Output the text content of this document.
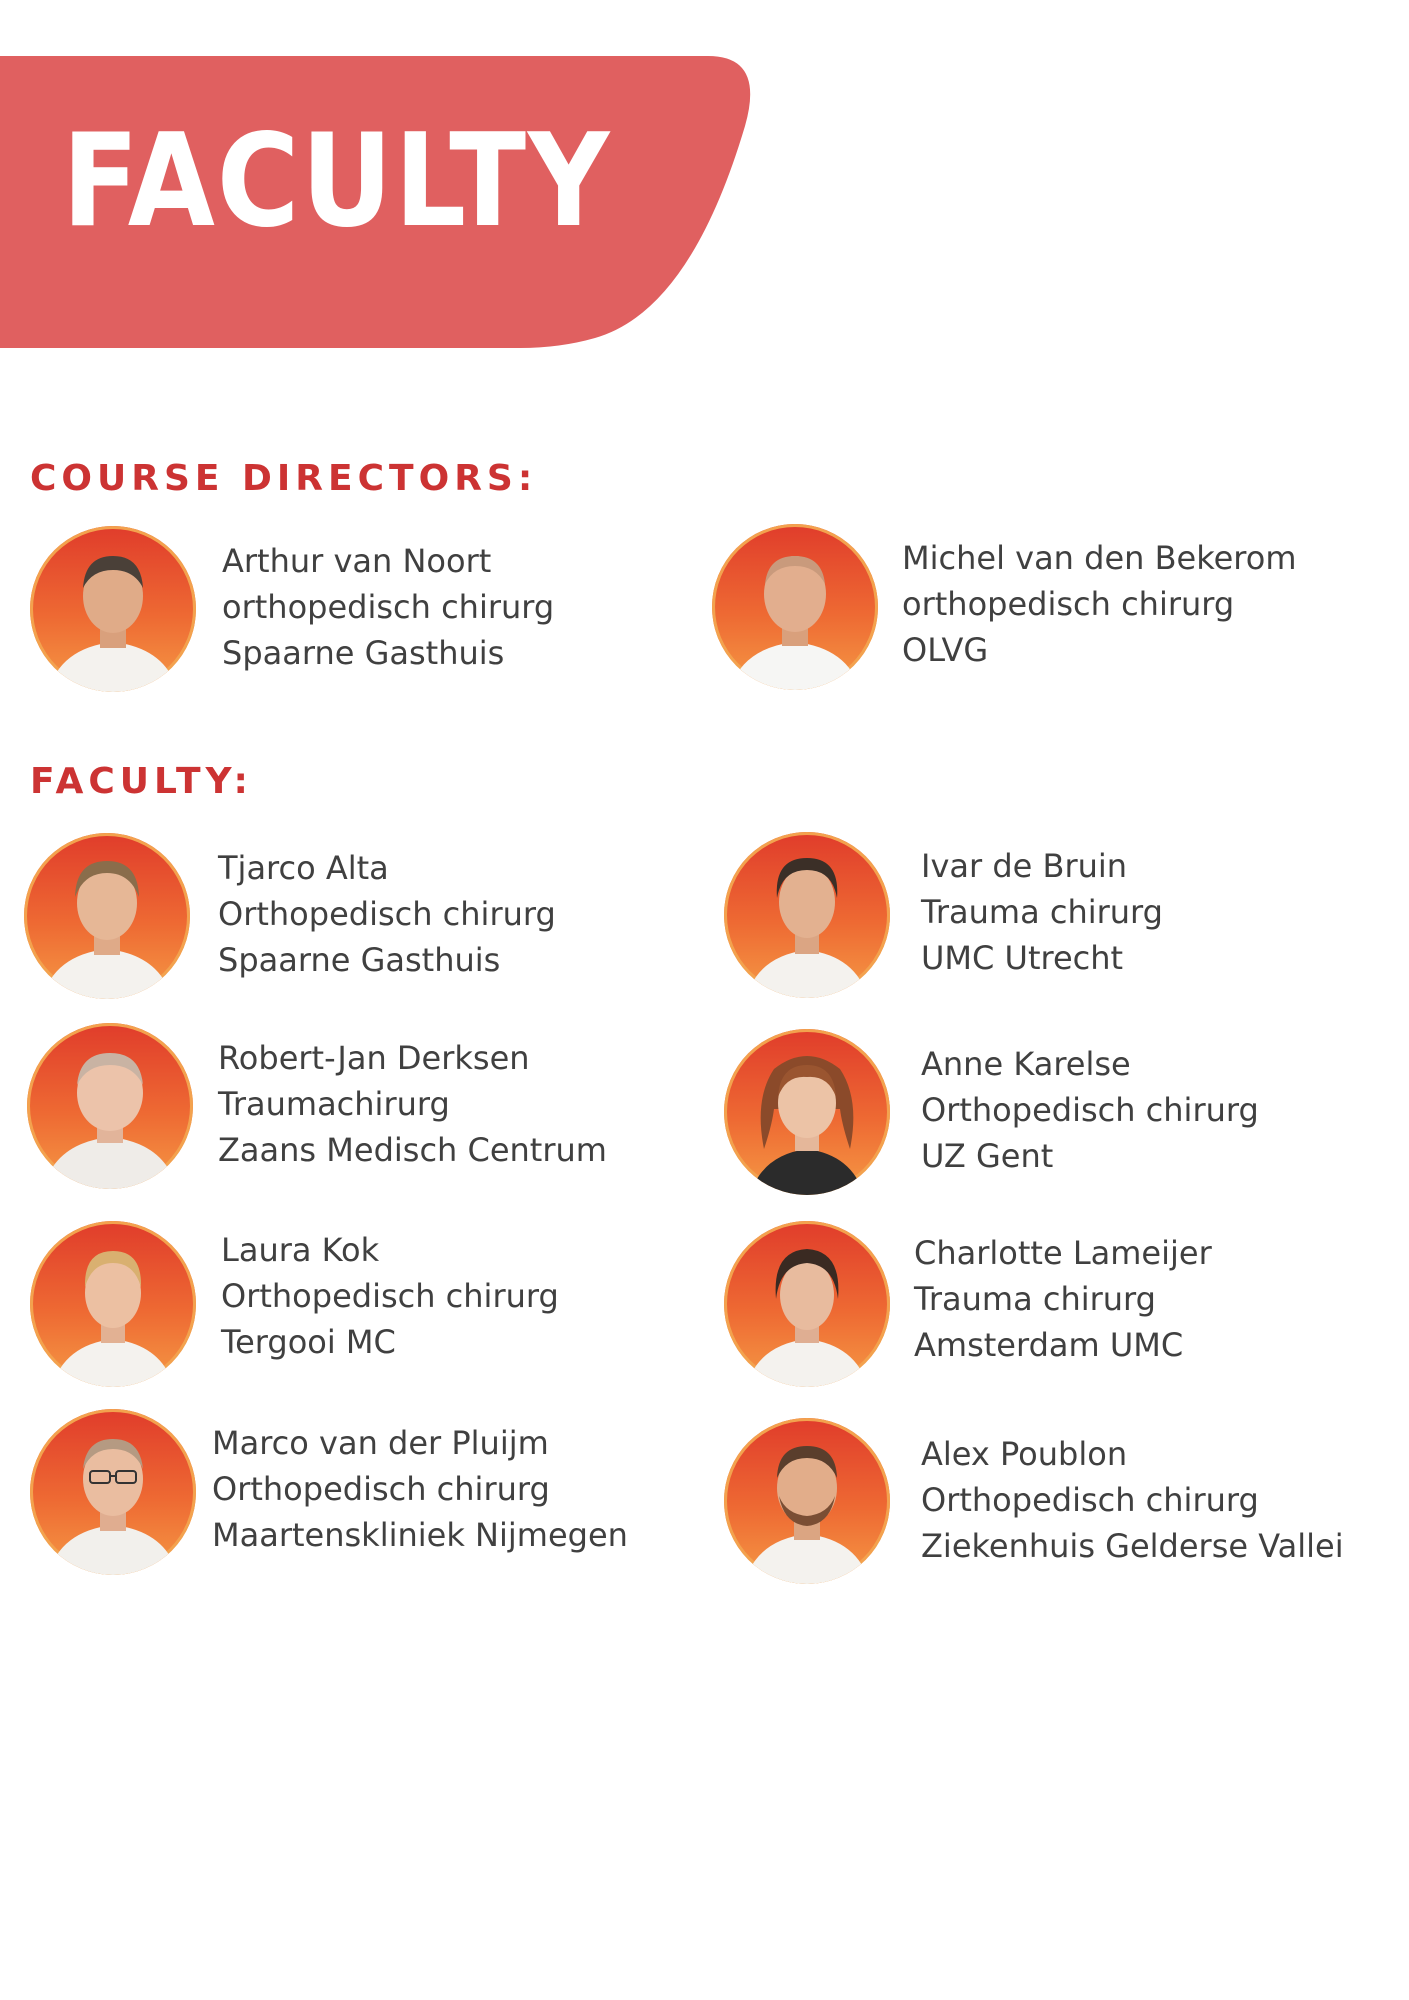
FACULTY
COURSE DIRECTORS:
Arthur van Noort
orthopedisch chirurg
Spaarne Gasthuis
Michel van den Bekerom
orthopedisch chirurg
OLVG
FACULTY:
Tjarco Alta
Orthopedisch chirurg
Spaarne Gasthuis
Ivar de Bruin
Trauma chirurg
UMC Utrecht
Robert-Jan Derksen
Traumachirurg
Zaans Medisch Centrum
Anne Karelse
Orthopedisch chirurg
UZ Gent
Laura Kok
Orthopedisch chirurg
Tergooi MC
Charlotte Lameijer
Trauma chirurg
Amsterdam UMC
Marco van der Pluijm
Orthopedisch chirurg
Maartenskliniek Nijmegen
Alex Poublon
Orthopedisch chirurg
Ziekenhuis Gelderse Vallei
